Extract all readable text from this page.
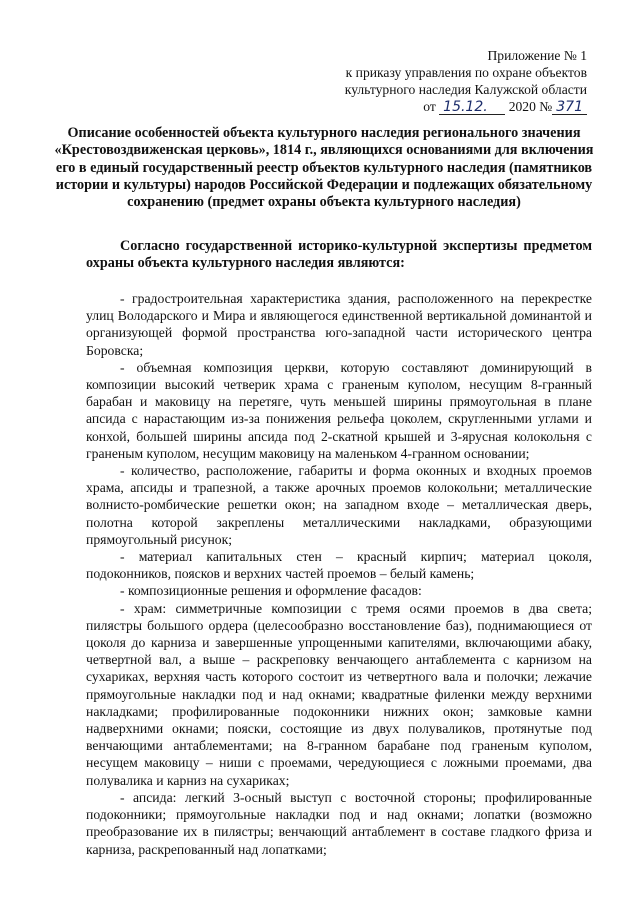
Приложение № 1
к приказу управления по охране объектов
культурного наследия Калужской области
от 15.12. 2020 № 371
Описание особенностей объекта культурного наследия регионального значения «Крестовоздвиженская церковь», 1814 г., являющихся основаниями для включения его в единый государственный реестр объектов культурного наследия (памятников истории и культуры) народов Российской Федерации и подлежащих обязательному сохранению (предмет охраны объекта культурного наследия)
Согласно государственной историко-культурной экспертизы предметом охраны объекта культурного наследия являются:

- градостроительная характеристика здания, расположенного на перекрестке улиц Володарского и Мира и являющегося единственной вертикальной доминантой и организующей формой пространства юго-западной части исторического центра Боровска;

- объемная композиция церкви, которую составляют доминирующий в композиции высокий четверик храма с граненым куполом, несущим 8-гранный барабан и маковицу на перетяге, чуть меньшей ширины прямоугольная в плане апсида с нарастающим из-за понижения рельефа цоколем, скругленными углами и конхой, большей ширины апсида под 2-скатной крышей и 3-ярусная колокольня с граненым куполом, несущим маковицу на маленьком 4-гранном основании;

- количество, расположение, габариты и форма оконных и входных проемов храма, апсиды и трапезной, а также арочных проемов колокольни; металлические волнисто-ромбические решетки окон; на западном входе – металлическая дверь, полотна которой закреплены металлическими накладками, образующими прямоугольный рисунок;

- материал капитальных стен – красный кирпич; материал цоколя, подоконников, поясков и верхних частей проемов – белый камень;

- композиционные решения и оформление фасадов:

- храм: симметричные композиции с тремя осями проемов в два света; пилястры большого ордера (целесообразно восстановление баз), поднимающиеся от цоколя до карниза и завершенные упрощенными капителями, включающими абаку, четвертной вал, а выше – раскреповку венчающего антаблемента с карнизом на сухариках, верхняя часть которого состоит из четвертного вала и полочки; лежачие прямоугольные накладки под и над окнами; квадратные филенки между верхними накладками; профилированные подоконники нижних окон; замковые камни надверхними окнами; пояски, состоящие из двух полувaликов, протянутые под венчающими антаблементами; на 8-гранном барабане под граненым куполом, несущем маковицу – ниши с проемами, чередующиеся с ложными проемами, два полувалика и карниз на сухариках;

- апсида: легкий 3-осный выступ с восточной стороны; профилированные подоконники; прямоугольные накладки под и над окнами; лопатки (возможно преобразование их в пилястры; венчающий антаблемент в составе гладкого фриза и карниза, раскрепованный над лопатками;
